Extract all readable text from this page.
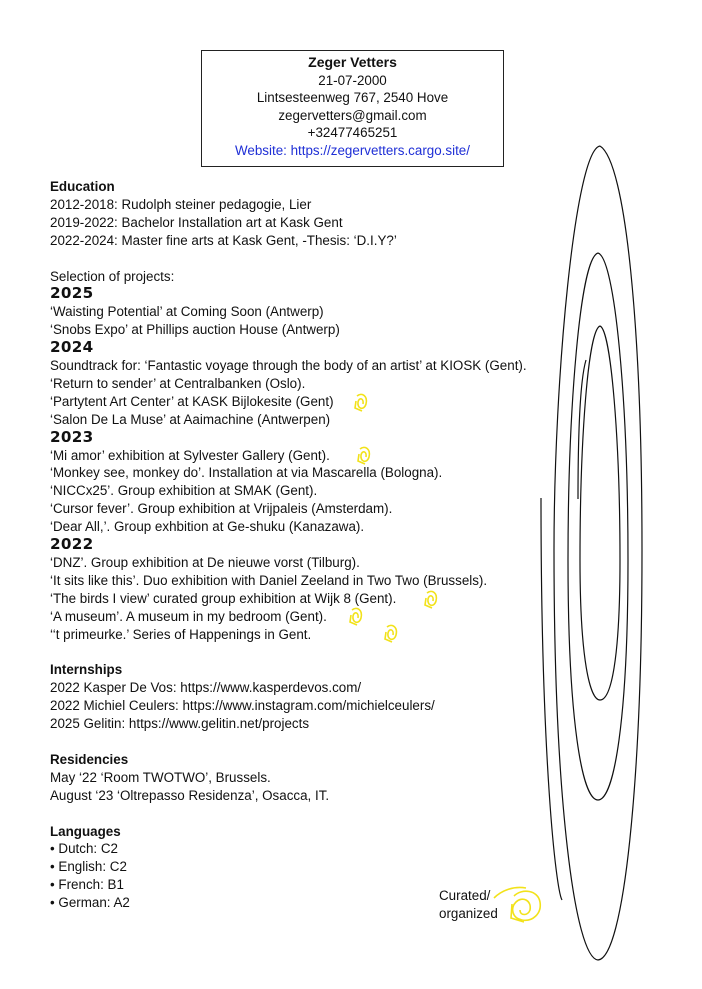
Zeger Vetters
21-07-2000
Lintsesteenweg 767, 2540 Hove
zegervetters@gmail.com
+32477465251
Website: https://zegervetters.cargo.site/
Education
2012-2018: Rudolph steiner pedagogie, Lier
2019-2022: Bachelor Installation art at Kask Gent
2022-2024: Master fine arts at Kask Gent, -Thesis: ‘D.I.Y?’
Selection of projects:
2025
‘Waisting Potential’ at Coming Soon (Antwerp)
‘Snobs Expo’ at Phillips auction House (Antwerp)
2024
Soundtrack for: ‘Fantastic voyage through the body of an artist’ at KIOSK (Gent).
‘Return to sender’ at Centralbanken (Oslo).
‘Partytent Art Center’ at KASK Bijlokesite (Gent)
‘Salon De La Muse’ at Aaimachine (Antwerpen)
2023
‘Mi amor’ exhibition at Sylvester Gallery (Gent).
‘Monkey see, monkey do’. Installation at via Mascarella (Bologna).
‘NICCx25’. Group exhibition at SMAK (Gent).
‘Cursor fever’. Group exhibition at Vrijpaleis (Amsterdam).
‘Dear All,’. Group exhbition at Ge-shuku (Kanazawa).
2022
‘DNZ’. Group exhibition at De nieuwe vorst (Tilburg).
‘It sits like this’. Duo exhibition with Daniel Zeeland in Two Two (Brussels).
‘The birds I view’ curated group exhibition at Wijk 8 (Gent).
‘A museum’. A museum in my bedroom (Gent).
‘‘t primeurke.’ Series of Happenings in Gent.
Internships
2022 Kasper De Vos: https://www.kasperdevos.com/
2022 Michiel Ceulers: https://www.instagram.com/michielceulers/
2025 Gelitin: https://www.gelitin.net/projects
Residencies
May ‘22 ‘Room TWOTWO’, Brussels.
August ‘23 ‘Oltrepasso Residenza’, Osacca, IT.
Languages
• Dutch: C2
• English: C2
• French: B1
• German: A2	Curated/
organized
